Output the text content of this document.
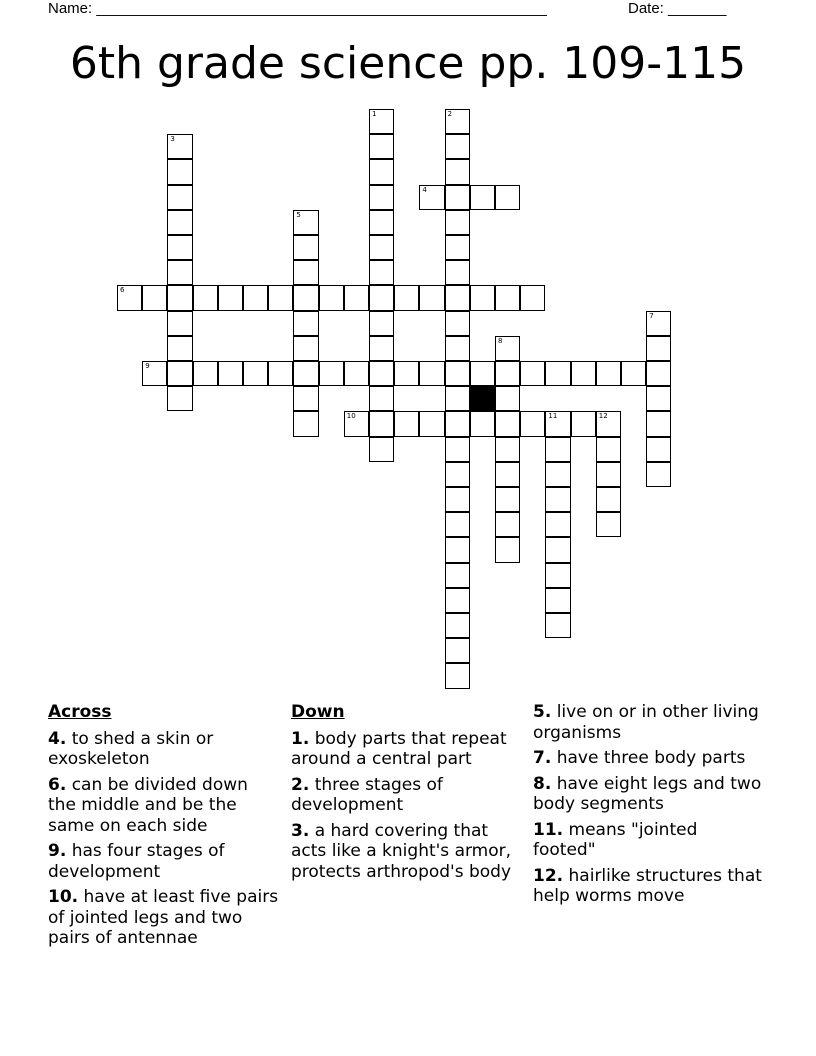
Name: ______________________________________________________	Date: _______
6th grade science pp. 109-115
1	2
3
5
7
8
11	12
4
6
9
10
Across
4. to shed a skin or exoskeleton
6. can be divided down the middle and be the same on each side
9. has four stages of development
10. have at least five pairs of jointed legs and two pairs of antennae
Down
1. body parts that repeat around a central part
2. three stages of development
3. a hard covering that acts like a knight's armor, protects arthropod's body
5. live on or in other living organisms
7. have three body parts
8. have eight legs and two body segments
11. means "jointed footed"
12. hairlike structures that help worms move
